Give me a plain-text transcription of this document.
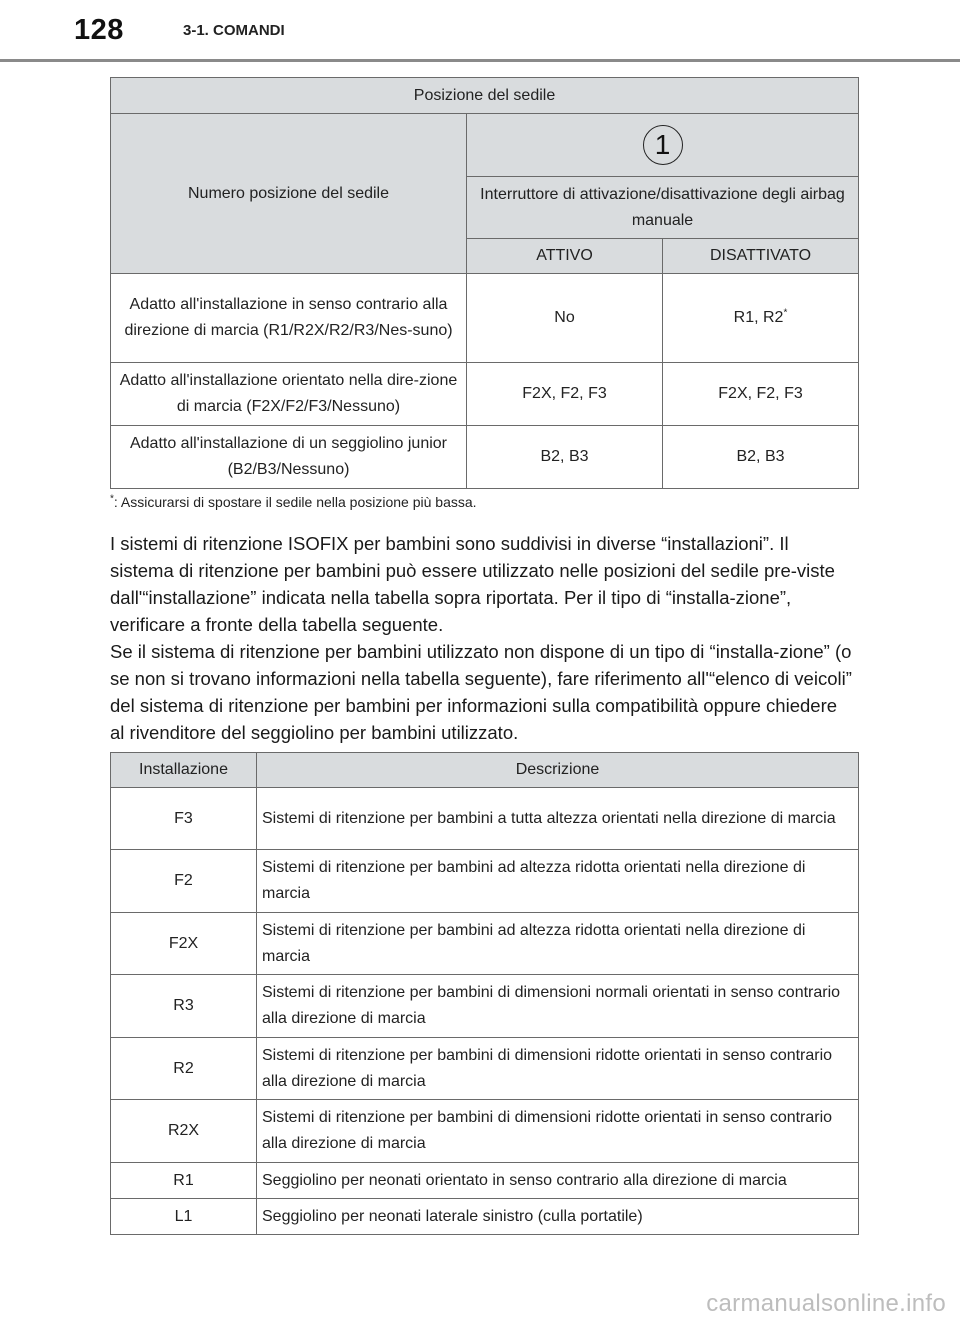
128	3-1. COMANDI
Posizione del sedile		
Numero posizione del sedile	1	
	Interruttore di attivazione/disattivazione degli airbag manuale	
	ATTIVO	DISATTIVATO
Adatto all'installazione in senso contrario alla direzione di marcia (R1/R2X/R2/R3/Nes-suno)	No	R1, R2*
Adatto all'installazione orientato nella dire-zione di marcia (F2X/F2/F3/Nessuno)	F2X, F2, F3	F2X, F2, F3
Adatto all'installazione di un seggiolino junior (B2/B3/Nessuno)	B2, B3	B2, B3
*: Assicurarsi di spostare il sedile nella posizione più bassa.

I sistemi di ritenzione ISOFIX per bambini sono suddivisi in diverse “installazioni”. Il sistema di ritenzione per bambini può essere utilizzato nelle posizioni del sedile pre-viste dall'“installazione” indicata nella tabella sopra riportata. Per il tipo di “installa-zione”, verificare a fronte della tabella seguente.

Se il sistema di ritenzione per bambini utilizzato non dispone di un tipo di “installa-zione” (o se non si trovano informazioni nella tabella seguente), fare riferimento all'“elenco di veicoli” del sistema di ritenzione per bambini per informazioni sulla compatibilità oppure chiedere al rivenditore del seggiolino per bambini utilizzato.

Installazione	Descrizione
F3	Sistemi di ritenzione per bambini a tutta altezza orientati nella direzione di marcia
F2	Sistemi di ritenzione per bambini ad altezza ridotta orientati nella direzione di marcia
F2X	Sistemi di ritenzione per bambini ad altezza ridotta orientati nella direzione di marcia
R3	Sistemi di ritenzione per bambini di dimensioni normali orientati in senso contrario alla direzione di marcia
R2	Sistemi di ritenzione per bambini di dimensioni ridotte orientati in senso contrario alla direzione di marcia
R2X	Sistemi di ritenzione per bambini di dimensioni ridotte orientati in senso contrario alla direzione di marcia
R1	Seggiolino per neonati orientato in senso contrario alla direzione di marcia
L1	Seggiolino per neonati laterale sinistro (culla portatile)
carmanualsonline.info
